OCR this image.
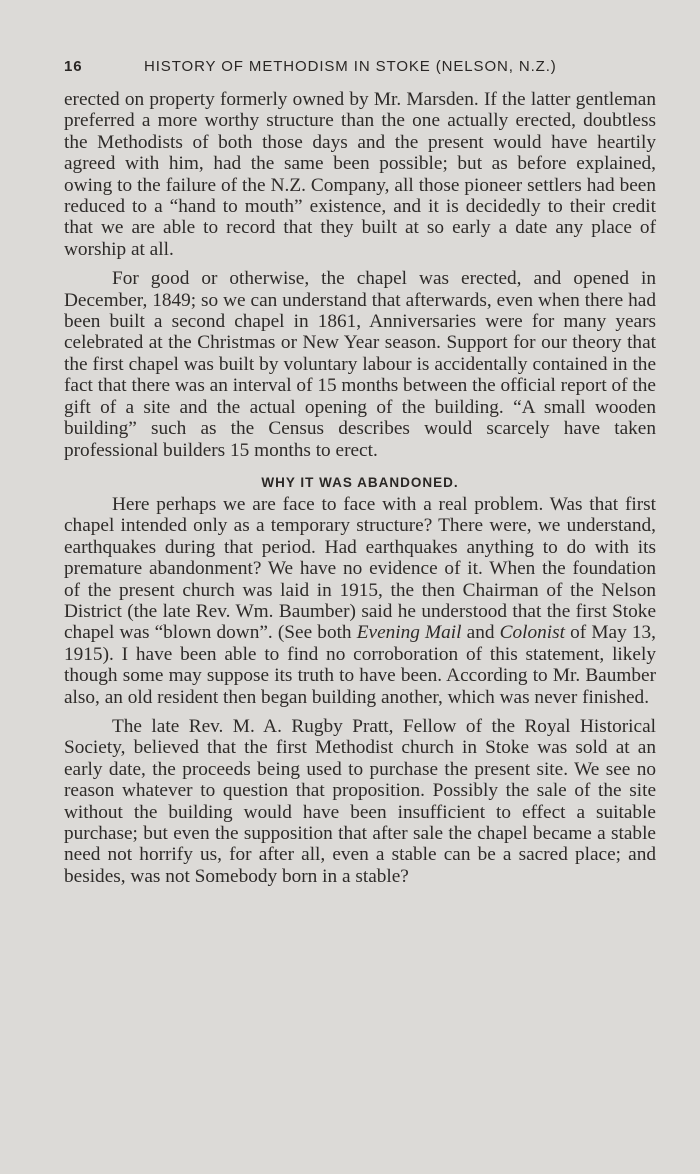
16	HISTORY OF METHODISM IN STOKE (NELSON, N.Z.)

erected on property formerly owned by Mr. Marsden. If the latter gentleman preferred a more worthy structure than the one actually erected, doubtless the Methodists of both those days and the present would have heartily agreed with him, had the same been possible; but as before explained, owing to the failure of the N.Z. Company, all those pioneer settlers had been reduced to a “hand to mouth” existence, and it is decidedly to their credit that we are able to record that they built at so early a date any place of worship at all.

For good or otherwise, the chapel was erected, and opened in December, 1849; so we can understand that afterwards, even when there had been built a second chapel in 1861, Anniversaries were for many years celebrated at the Christmas or New Year season. Support for our theory that the first chapel was built by voluntary labour is accidentally contained in the fact that there was an interval of 15 months between the official report of the gift of a site and the actual opening of the building. “A small wooden building” such as the Census describes would scarcely have taken professional builders 15 months to erect.

WHY IT WAS ABANDONED.

Here perhaps we are face to face with a real problem. Was that first chapel intended only as a temporary structure? There were, we understand, earthquakes during that period. Had earthquakes anything to do with its premature abandonment? We have no evidence of it. When the foundation of the present church was laid in 1915, the then Chairman of the Nelson District (the late Rev. Wm. Baumber) said he understood that the first Stoke chapel was “blown down”. (See both Evening Mail and Colonist of May 13, 1915). I have been able to find no corroboration of this statement, likely though some may suppose its truth to have been. According to Mr. Baumber also, an old resident then began building another, which was never finished.

The late Rev. M. A. Rugby Pratt, Fellow of the Royal Historical Society, believed that the first Methodist church in Stoke was sold at an early date, the proceeds being used to purchase the present site. We see no reason whatever to question that proposition. Possibly the sale of the site without the building would have been insufficient to effect a suitable purchase; but even the supposition that after sale the chapel became a stable need not horrify us, for after all, even a stable can be a sacred place; and besides, was not Somebody born in a stable?
